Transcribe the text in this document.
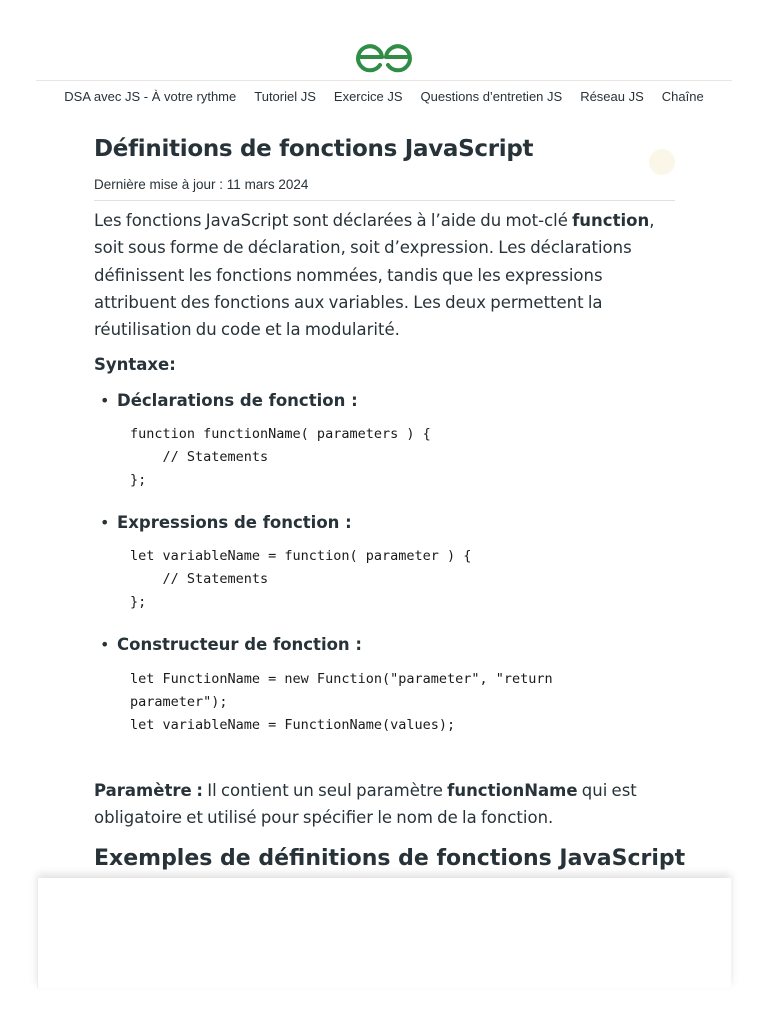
DSA avec JS - À votre rythme Tutoriel JS Exercice JS Questions d’entretien JS Réseau JS Chaîne
Définitions de fonctions JavaScript
Dernière mise à jour : 11 mars 2024

Les fonctions JavaScript sont déclarées à l’aide du mot-clé function, soit sous forme de déclaration, soit d’expression. Les déclarations définissent les fonctions nommées, tandis que les expressions attribuent des fonctions aux variables. Les deux permettent la réutilisation du code et la modularité.

Syntaxe:

• Déclarations de fonction :
function functionName( parameters ) {
// Statements
};
• Expressions de fonction :
let variableName = function( parameter ) {
// Statements
};
• Constructeur de fonction :
let FunctionName = new Function("parameter", "return
parameter");
let variableName = FunctionName(values);

Paramètre : Il contient un seul paramètre functionName qui est obligatoire et utilisé pour spécifier le nom de la fonction.

Exemples de définitions de fonctions JavaScript
